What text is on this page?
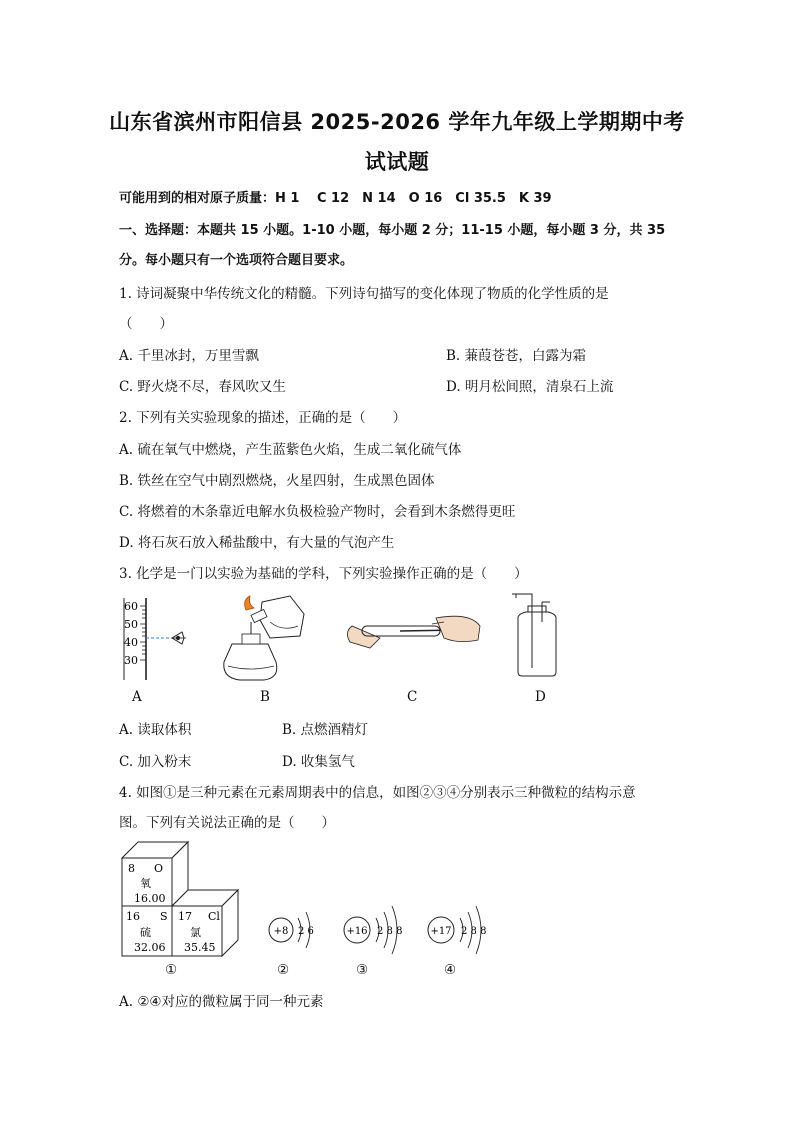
山东省滨州市阳信县 2025-2026 学年九年级上学期期中考
试试题
可能用到的相对原子质量：H 1　 C 12　N 14　O 16　Cl 35.5　K 39
一、选择题：本题共 15 小题。1-10 小题，每小题 2 分；11-15 小题，每小题 3 分，共 35
分。每小题只有一个选项符合题目要求。
1. 诗词凝聚中华传统文化的精髓。下列诗句描写的变化体现了物质的化学性质的是
（　　）
A. 千里冰封，万里雪飘	B. 蒹葭苍苍，白露为霜
C. 野火烧不尽，春风吹又生	D. 明月松间照，清泉石上流
2. 下列有关实验现象的描述，正确的是（　　）
A. 硫在氧气中燃烧，产生蓝紫色火焰，生成二氧化硫气体
B. 铁丝在空气中剧烈燃烧，火星四射，生成黑色固体
C. 将燃着的木条靠近电解水负极检验产物时，会看到木条燃得更旺
D. 将石灰石放入稀盐酸中，有大量的气泡产生
3. 化学是一门以实验为基础的学科，下列实验操作正确的是（　　）
60
50
40
30
A	B	C	D
A. 读取体积	B. 点燃酒精灯
C. 加入粉末	D. 收集氢气
4. 如图①是三种元素在元素周期表中的信息，如图②③④分别表示三种微粒的结构示意
图。下列有关说法正确的是（　　）
8 O
氧
16.00
16 S
硫
32.06
17 Cl
氯
35.45
+8 2 6	+16 2 8 8	+17 2 8 8
①	②	③	④
A. ②④对应的微粒属于同一种元素
